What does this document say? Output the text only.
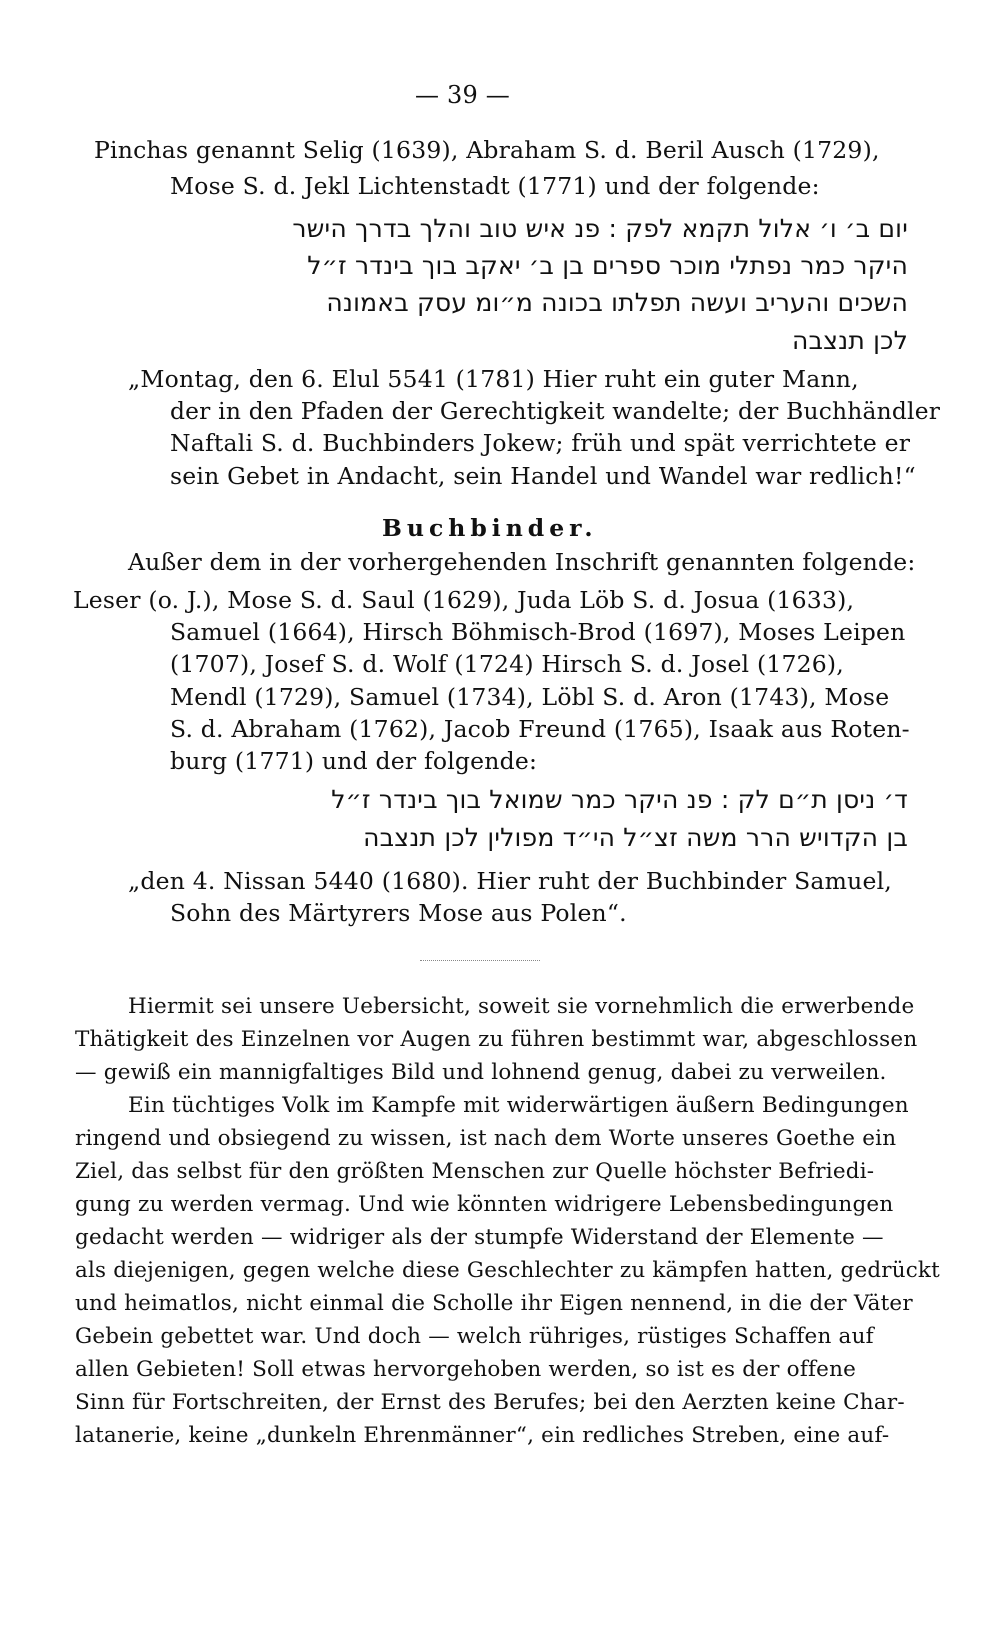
— 39 —
Pinchas genannt Selig (1639), Abraham S. d. Beril Ausch (1729),
Mose S. d. Jekl Lichtenstadt (1771) und der folgende:
יום ב׳ ו׳ אלול תקמא לפק : פנ איש טוב והלך בדרך הישר
היקר כמר נפתלי מוכר ספרים בן ב׳ יאקב בוך בינדר ז״ל
השכים והעריב ועשה תפלתו בכונה מ״ומ עסק באמונה
לכן תנצבה
„Montag, den 6. Elul 5541 (1781) Hier ruht ein guter Mann,
der in den Pfaden der Gerechtigkeit wandelte; der Buchhändler
Naftali S. d. Buchbinders Jokew; früh und spät verrichtete er
sein Gebet in Andacht, sein Handel und Wandel war redlich!“
Buchbinder.
Außer dem in der vorhergehenden Inschrift genannten folgende:
Leser (o. J.), Mose S. d. Saul (1629), Juda Löb S. d. Josua (1633),
Samuel (1664), Hirsch Böhmisch-Brod (1697), Moses Leipen
(1707), Josef S. d. Wolf (1724) Hirsch S. d. Josel (1726),
Mendl (1729), Samuel (1734), Löbl S. d. Aron (1743), Mose
S. d. Abraham (1762), Jacob Freund (1765), Isaak aus Roten-
burg (1771) und der folgende:
ד׳ ניסן ת״ם לק : פנ היקר כמר שמואל בוך בינדר ז״ל
בן הקדויש הרר משה זצ״ל הי״ד מפולין לכן תנצבה
„den 4. Nissan 5440 (1680). Hier ruht der Buchbinder Samuel,
Sohn des Märtyrers Mose aus Polen“.
Hiermit sei unsere Uebersicht, soweit sie vornehmlich die erwerbende
Thätigkeit des Einzelnen vor Augen zu führen bestimmt war, abgeschlossen
— gewiß ein mannigfaltiges Bild und lohnend genug, dabei zu verweilen.
Ein tüchtiges Volk im Kampfe mit widerwärtigen äußern Bedingungen
ringend und obsiegend zu wissen, ist nach dem Worte unseres Goethe ein
Ziel, das selbst für den größten Menschen zur Quelle höchster Befriedi-
gung zu werden vermag. Und wie könnten widrigere Lebensbedingungen
gedacht werden — widriger als der stumpfe Widerstand der Elemente —
als diejenigen, gegen welche diese Geschlechter zu kämpfen hatten, gedrückt
und heimatlos, nicht einmal die Scholle ihr Eigen nennend, in die der Väter
Gebein gebettet war. Und doch — welch rühriges, rüstiges Schaffen auf
allen Gebieten! Soll etwas hervorgehoben werden, so ist es der offene
Sinn für Fortschreiten, der Ernst des Berufes; bei den Aerzten keine Char-
latanerie, keine „dunkeln Ehrenmänner“, ein redliches Streben, eine auf-
